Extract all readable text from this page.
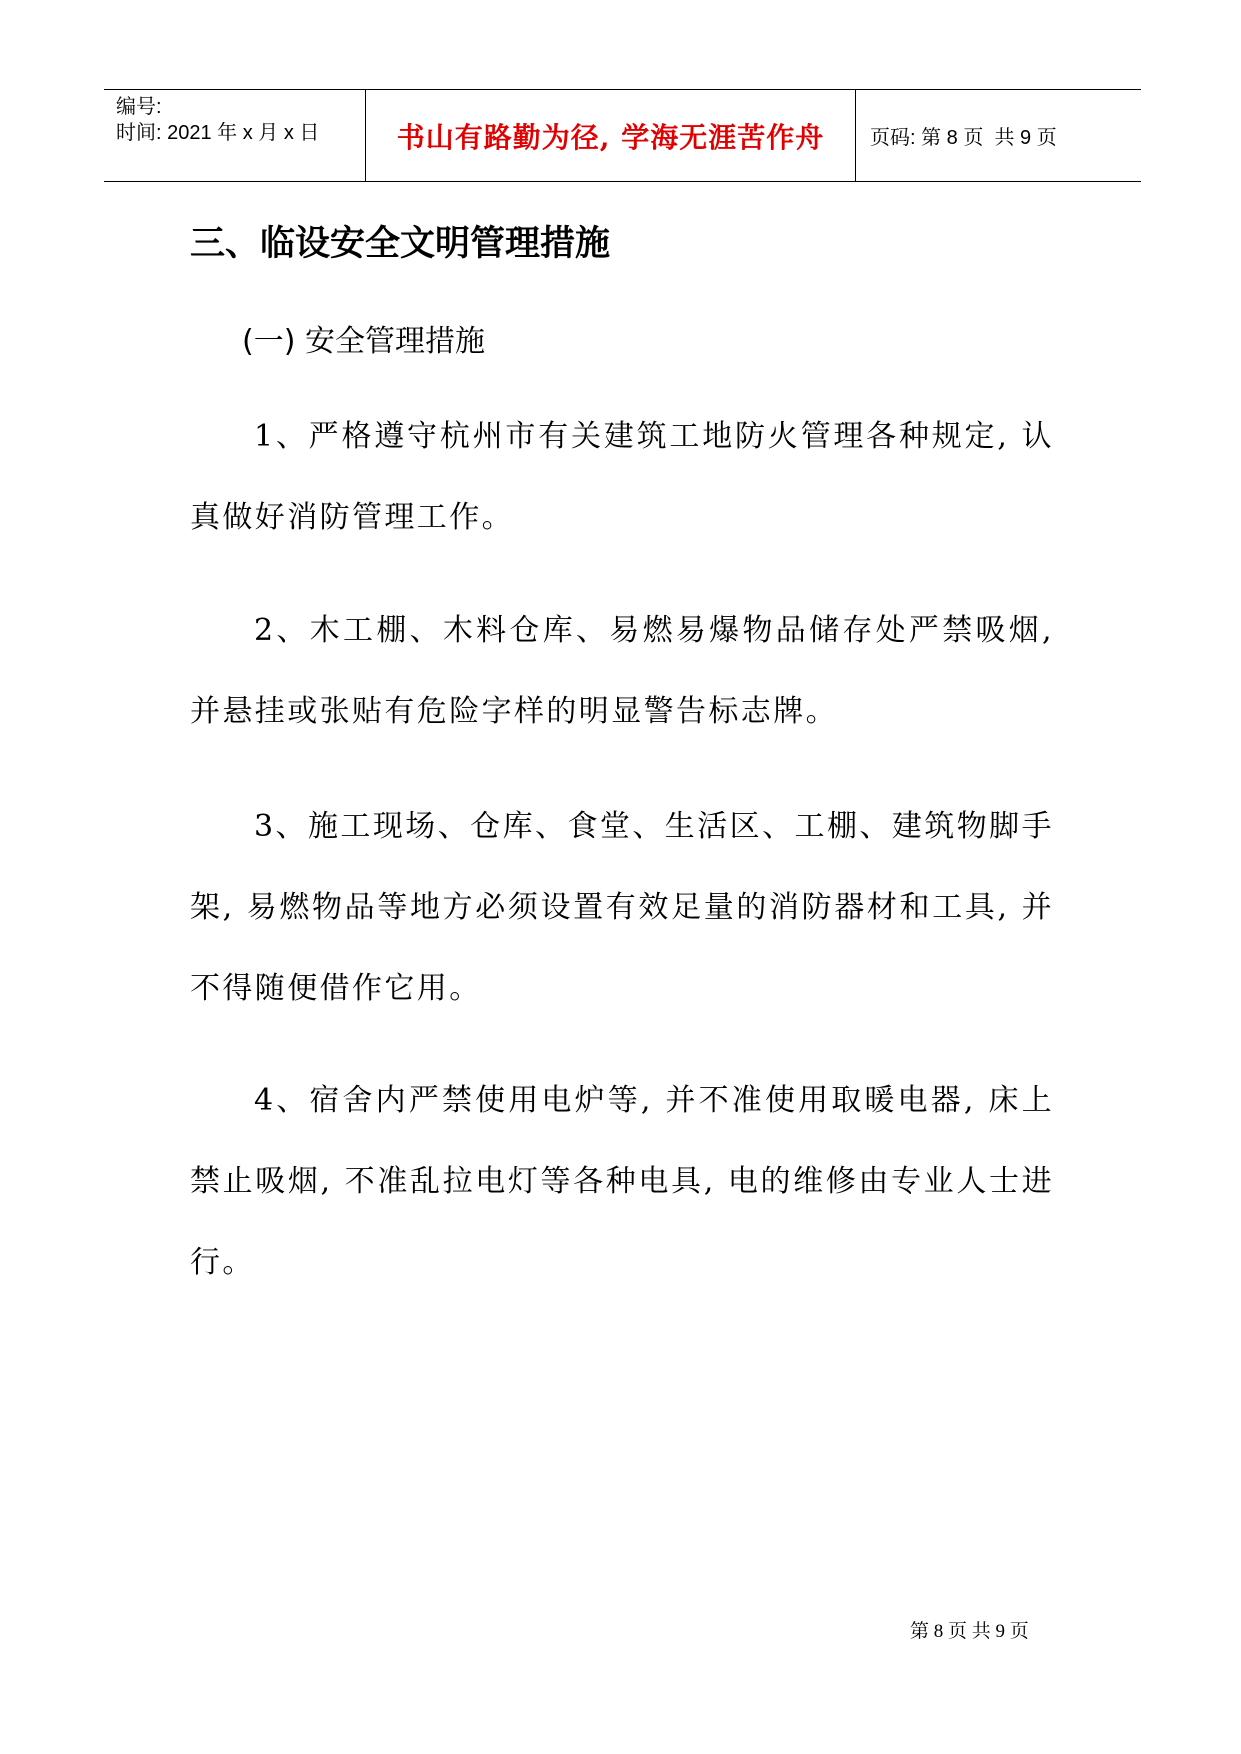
编号:
时间: 2021 年 x 月 x 日	书山有路勤为径, 学海无涯苦作舟	页码: 第 8 页  共 9 页
三、临设安全文明管理措施
(一) 安全管理措施

1、严格遵守杭州市有关建筑工地防火管理各种规定, 认真做好消防管理工作。

2、木工棚、木料仓库、易燃易爆物品储存处严禁吸烟, 并悬挂或张贴有危险字样的明显警告标志牌。

3、施工现场、仓库、食堂、生活区、工棚、建筑物脚手架, 易燃物品等地方必须设置有效足量的消防器材和工具, 并不得随便借作它用。

4、宿舍内严禁使用电炉等, 并不准使用取暖电器, 床上禁止吸烟, 不准乱拉电灯等各种电具, 电的维修由专业人士进行。

第 8 页 共 9 页
